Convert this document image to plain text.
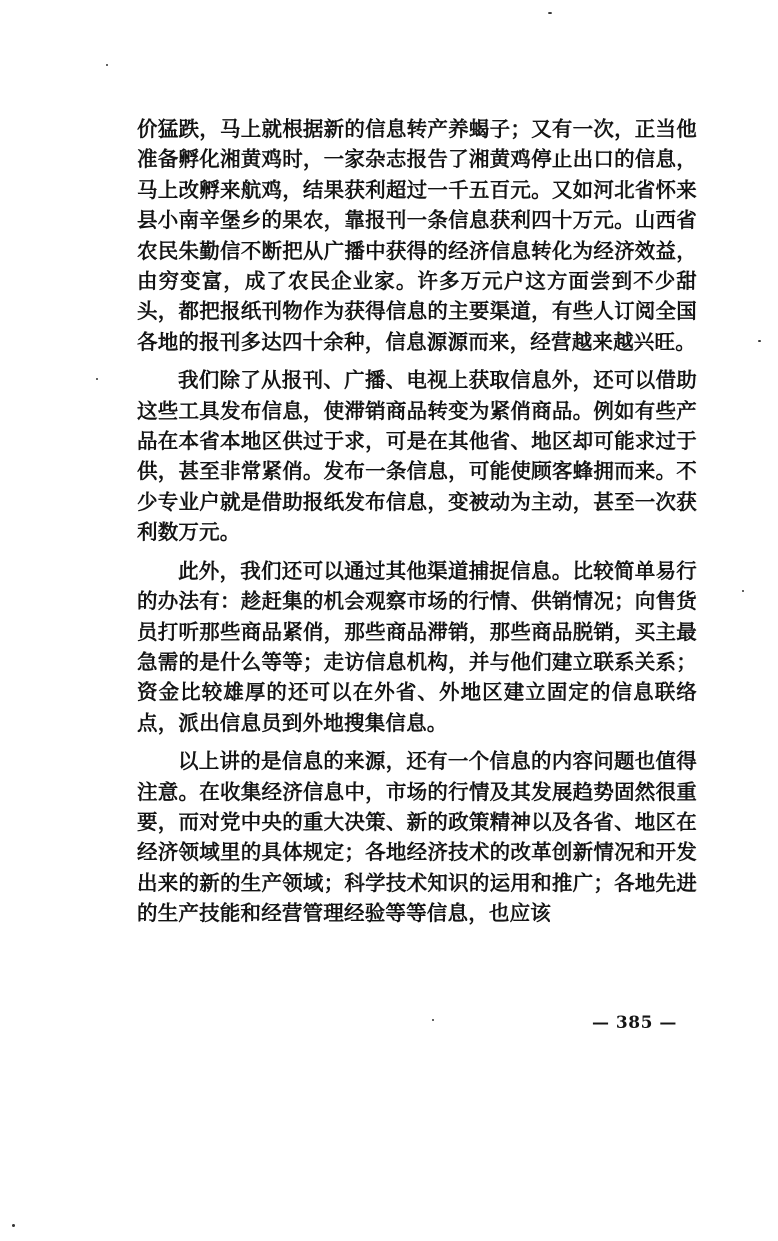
价猛跌，马上就根据新的信息转产养蝎子；又有一次，正当他准备孵化湘黄鸡时，一家杂志报告了湘黄鸡停止出口的信息，马上改孵来航鸡，结果获利超过一千五百元。又如河北省怀来县小南辛堡乡的果农，靠报刊一条信息获利四十万元。山西省农民朱勤信不断把从广播中获得的经济信息转化为经济效益，由穷变富，成了农民企业家。许多万元户这方面尝到不少甜头，都把报纸刊物作为获得信息的主要渠道，有些人订阅全国各地的报刊多达四十余种，信息源源而来，经营越来越兴旺。

我们除了从报刊、广播、电视上获取信息外，还可以借助这些工具发布信息，使滞销商品转变为紧俏商品。例如有些产品在本省本地区供过于求，可是在其他省、地区却可能求过于供，甚至非常紧俏。发布一条信息，可能使顾客蜂拥而来。不少专业户就是借助报纸发布信息，变被动为主动，甚至一次获利数万元。

此外，我们还可以通过其他渠道捕捉信息。比较简单易行的办法有：趁赶集的机会观察市场的行情、供销情况；向售货员打听那些商品紧俏，那些商品滞销，那些商品脱销，买主最急需的是什么等等；走访信息机构，并与他们建立联系关系；资金比较雄厚的还可以在外省、外地区建立固定的信息联络点，派出信息员到外地搜集信息。

以上讲的是信息的来源，还有一个信息的内容问题也值得注意。在收集经济信息中，市场的行情及其发展趋势固然很重要，而对党中央的重大决策、新的政策精神以及各省、地区在经济领域里的具体规定；各地经济技术的改革创新情况和开发出来的新的生产领域；科学技术知识的运用和推广；各地先进的生产技能和经营管理经验等等信息，也应该

— 385 —
